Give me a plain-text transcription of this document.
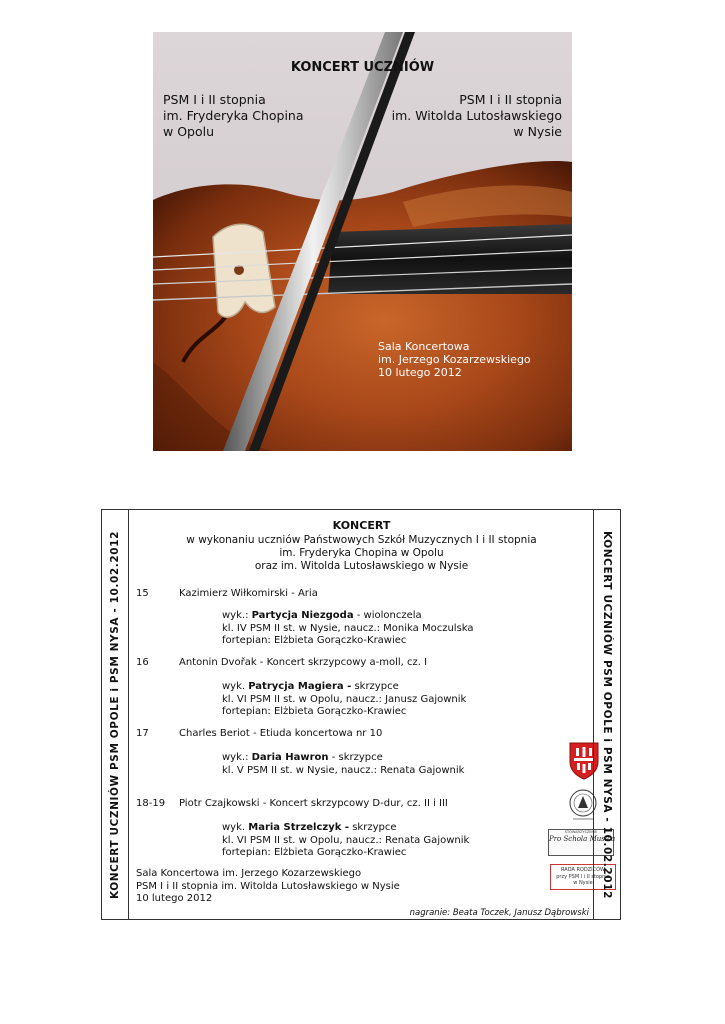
KONCERT UCZNIÓW
PSM I i II stopnia
im. Fryderyka Chopina
w Opolu
PSM I i II stopnia
im. Witolda Lutosławskiego
w Nysie
Sala Koncertowa
im. Jerzego Kozarzewskiego
10 lutego 2012
KONCERT UCZNIÓW PSM OPOLE i PSM NYSA - 10.02.2012
KONCERT
w wykonaniu uczniów Państwowych Szkół Muzycznych I i II stopnia
im. Fryderyka Chopina w Opolu
oraz im. Witolda Lutosławskiego w Nysie
15	Kazimierz Wiłkomirski - Aria
wyk.: Partycja Niezgoda - wiolonczela
kl. IV PSM II st. w Nysie, naucz.: Monika Moczulska
fortepian: Elżbieta Gorączko-Krawiec
16	Antonin Dvořak - Koncert skrzypcowy a-moll, cz. I
wyk. Patrycja Magiera - skrzypce
kl. VI PSM II st. w Opolu, naucz.: Janusz Gajownik
fortepian: Elżbieta Gorączko-Krawiec
17	Charles Beriot - Etiuda koncertowa nr 10
wyk.: Daria Hawron - skrzypce
kl. V PSM II st. w Nysie, naucz.: Renata Gajownik
18-19 Piotr Czajkowski - Koncert skrzypcowy D-dur, cz. II i III
wyk. Maria Strzelczyk - skrzypce
kl. VI PSM II st. w Opolu, naucz.: Renata Gajownik
fortepian: Elżbieta Gorączko-Krawiec
Sala Koncertowa im. Jerzego Kozarzewskiego
PSM I i II stopnia im. Witolda Lutosławskiego w Nysie
10 lutego 2012
nagranie: Beata Toczek, Janusz Dąbrowski
STOWARZYSZENIE
Pro Schola Musica
RADA RODZICÓW
przy PSM I i II stopnia
w Nysie KONCERT UCZNIÓW PSM OPOLE i PSM NYSA - 10.02.2012
